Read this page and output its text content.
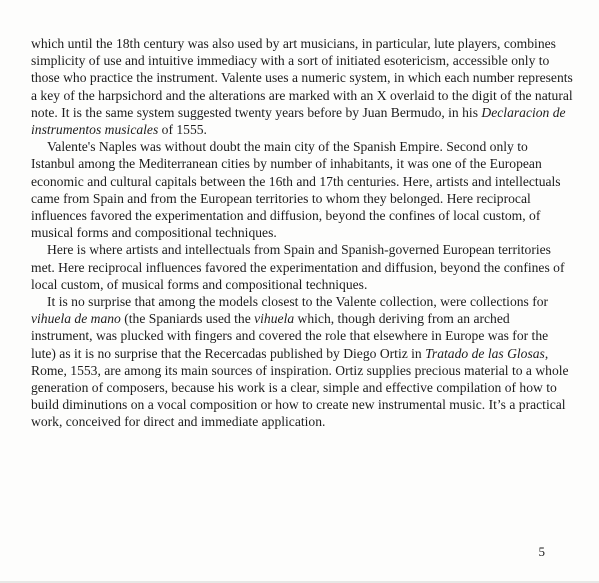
which until the 18th century was also used by art musicians, in particular, lute players, combines simplicity of use and intuitive immediacy with a sort of initiated esotericism, accessible only to those who practice the instrument. Valente uses a numeric system, in which each number represents a key of the harpsichord and the alterations are marked with an X overlaid to the digit of the natural note. It is the same system suggested twenty years before by Juan Bermudo, in his Declaracion de instrumentos musicales of 1555.

Valente's Naples was without doubt the main city of the Spanish Empire. Second only to Istanbul among the Mediterranean cities by number of inhabitants, it was one of the European economic and cultural capitals between the 16th and 17th centuries. Here, artists and intellectuals came from Spain and from the European territories to whom they belonged. Here reciprocal influences favored the experimentation and diffusion, beyond the confines of local custom, of musical forms and compositional techniques.

Here is where artists and intellectuals from Spain and Spanish-governed European territories met. Here reciprocal influences favored the experimentation and diffusion, beyond the confines of local custom, of musical forms and compositional techniques.

It is no surprise that among the models closest to the Valente collection, were collections for vihuela de mano (the Spaniards used the vihuela which, though deriving from an arched instrument, was plucked with fingers and covered the role that elsewhere in Europe was for the lute) as it is no surprise that the Recercadas published by Diego Ortiz in Tratado de las Glosas, Rome, 1553, are among its main sources of inspiration. Ortiz supplies precious material to a whole generation of composers, because his work is a clear, simple and effective compilation of how to build diminutions on a vocal composition or how to create new instrumental music. It’s a practical work, conceived for direct and immediate application.

5
